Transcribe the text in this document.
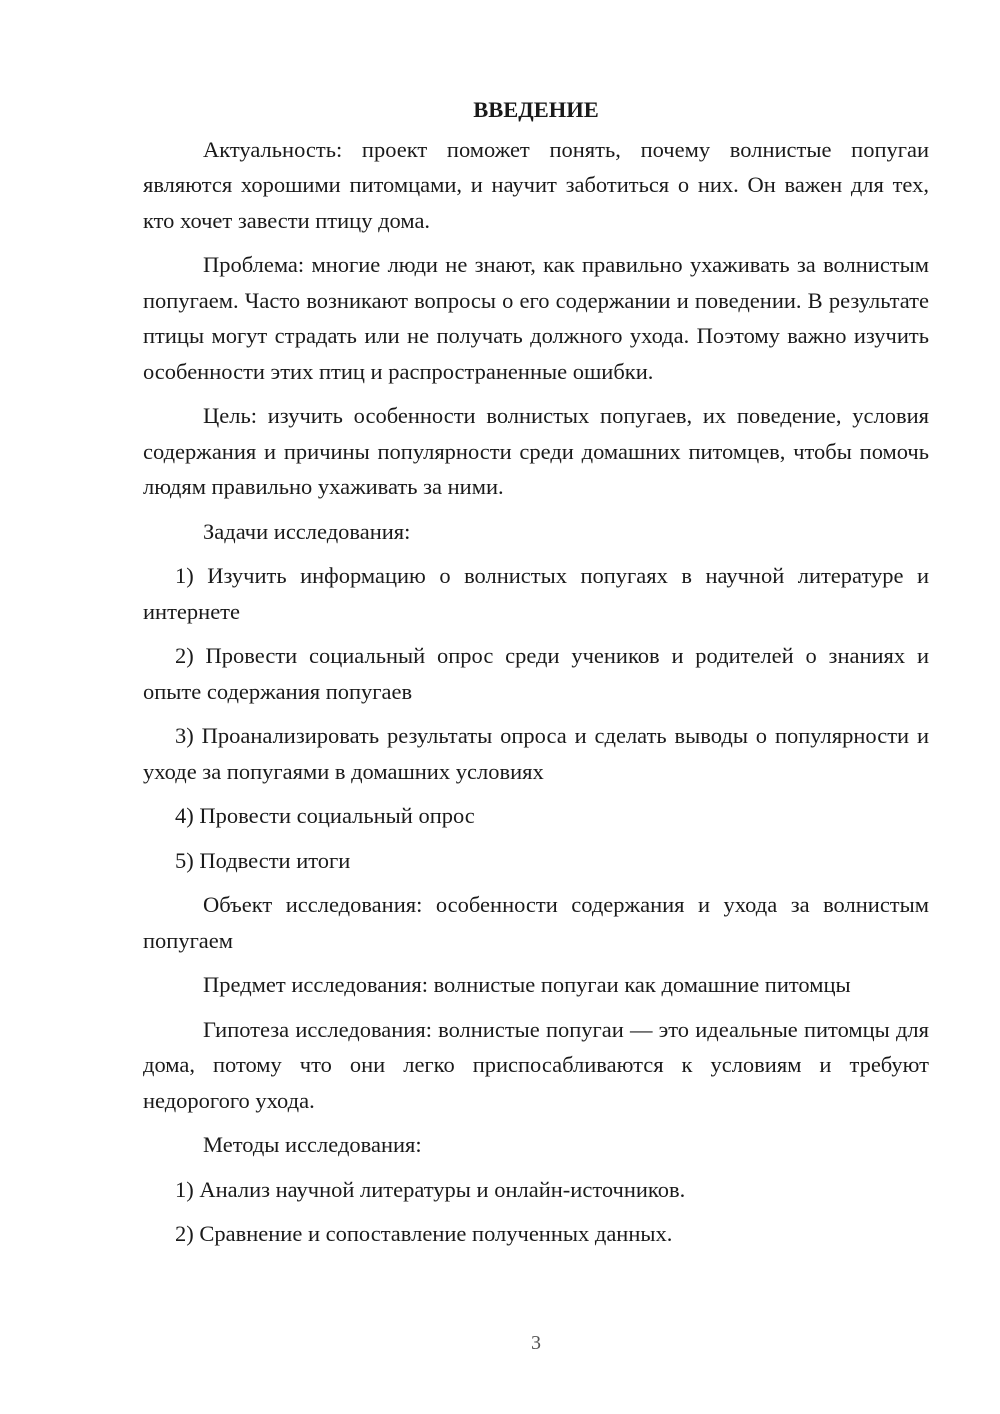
ВВЕДЕНИЕ

Актуальность: проект поможет понять, почему волнистые попугаи являются хорошими питомцами, и научит заботиться о них. Он важен для тех, кто хочет завести птицу дома.

Проблема: многие люди не знают, как правильно ухаживать за волнистым попугаем. Часто возникают вопросы о его содержании и поведении. В результате птицы могут страдать или не получать должного ухода. Поэтому важно изучить особенности этих птиц и распространенные ошибки.

Цель: изучить особенности волнистых попугаев, их поведение, условия содержания и причины популярности среди домашних питомцев, чтобы помочь людям правильно ухаживать за ними.

Задачи исследования:

1) Изучить информацию о волнистых попугаях в научной литературе и интернете

2) Провести социальный опрос среди учеников и родителей о знаниях и опыте содержания попугаев

3) Проанализировать результаты опроса и сделать выводы о популярности и уходе за попугаями в домашних условиях

4) Провести социальный опрос

5) Подвести итоги

Объект исследования: особенности содержания и ухода за волнистым попугаем

Предмет исследования: волнистые попугаи как домашние питомцы

Гипотеза исследования: волнистые попугаи — это идеальные питомцы для дома, потому что они легко приспосабливаются к условиям и требуют недорогого ухода.

Методы исследования:

1) Анализ научной литературы и онлайн-источников.

2) Сравнение и сопоставление полученных данных.

3
